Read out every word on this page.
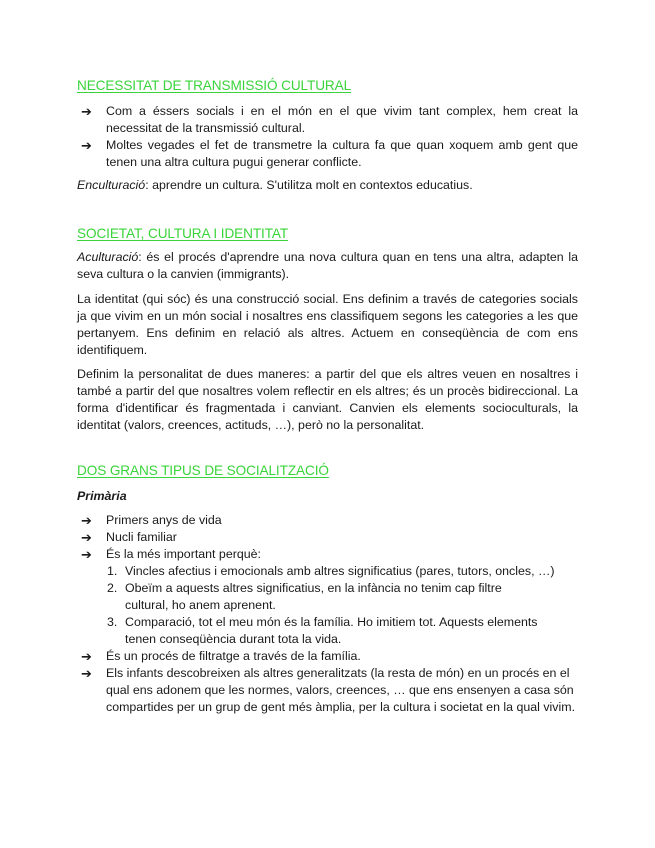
NECESSITAT DE TRANSMISSIÓ CULTURAL
➔ Com a éssers socials i en el món en el que vivim tant complex, hem creat la necessitat de la transmissió cultural.
➔ Moltes vegades el fet de transmetre la cultura fa que quan xoquem amb gent que tenen una altra cultura pugui generar conflicte.

Enculturació: aprendre un cultura. S'utilitza molt en contextos educatius.

SOCIETAT, CULTURA I IDENTITAT

Aculturació: és el procés d'aprendre una nova cultura quan en tens una altra, adapten la seva cultura o la canvien (immigrants).

La identitat (qui sóc) és una construcció social. Ens definim a través de categories socials ja que vivim en un món social i nosaltres ens classifiquem segons les categories a les que pertanyem. Ens definim en relació als altres. Actuem en conseqüència de com ens identifiquem.

Definim la personalitat de dues maneres: a partir del que els altres veuen en nosaltres i també a partir del que nosaltres volem reflectir en els altres; és un procès bidireccional. La forma d'identificar és fragmentada i canviant. Canvien els elements socioculturals, la identitat (valors, creences, actituds, …), però no la personalitat.

DOS GRANS TIPUS DE SOCIALITZACIÓ

Primària

➔ Primers anys de vida
➔ Nucli familiar
➔ És la més important perquè:
1. Vincles afectius i emocionals amb altres significatius (pares, tutors, oncles, …)
2. Obeïm a aquests altres significatius, en la infància no tenim cap filtre cultural, ho anem aprenent.
3. Comparació, tot el meu món és la família. Ho imitiem tot. Aquests elements tenen conseqüència durant tota la vida.
➔ És un procés de filtratge a través de la família.
➔ Els infants descobreixen als altres generalitzats (la resta de món) en un procés en el qual ens adonem que les normes, valors, creences, … que ens ensenyen a casa són compartides per un grup de gent més àmplia, per la cultura i societat en la qual vivim.
